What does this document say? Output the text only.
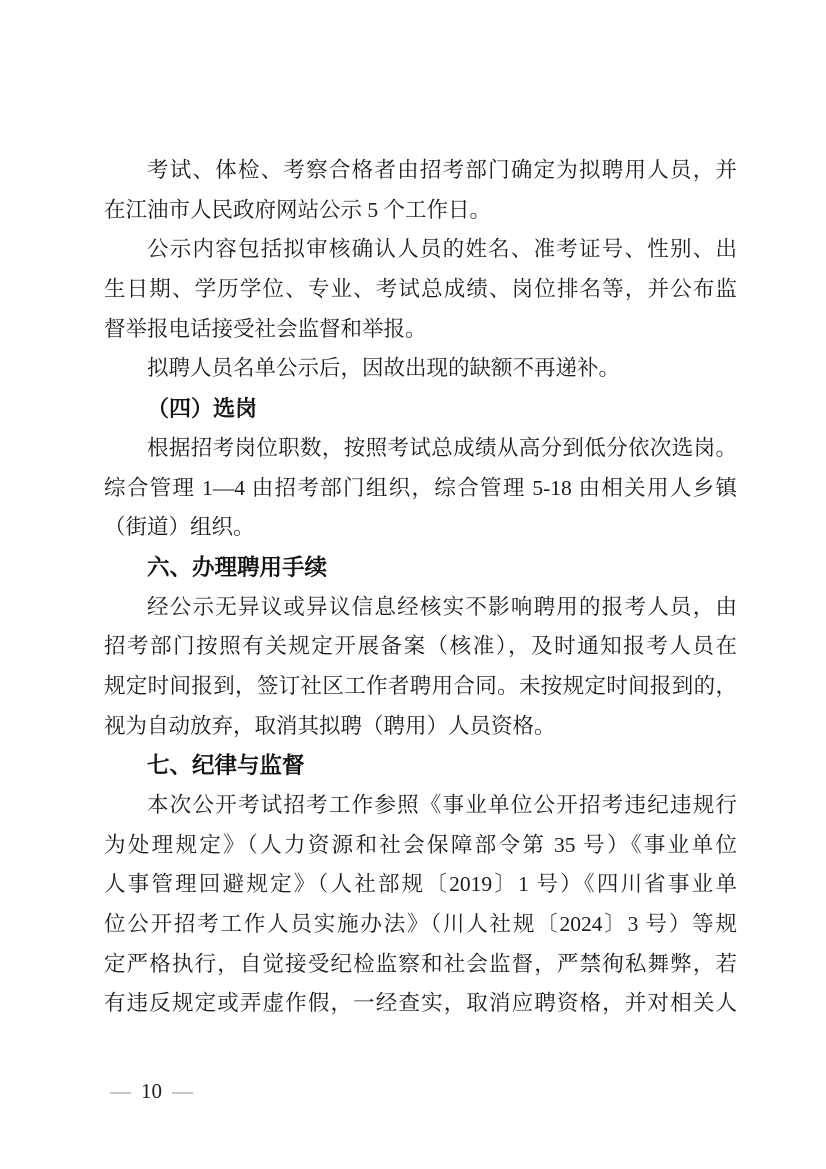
考试、体检、考察合格者由招考部门确定为拟聘用人员，并
在江油市人民政府网站公示 5 个工作日。
公示内容包括拟审核确认人员的姓名、准考证号、性别、出
生日期、学历学位、专业、考试总成绩、岗位排名等，并公布监
督举报电话接受社会监督和举报。
拟聘人员名单公示后，因故出现的缺额不再递补。
（四）选岗
根据招考岗位职数，按照考试总成绩从高分到低分依次选岗。
综合管理 1—4 由招考部门组织，综合管理 5-18 由相关用人乡镇
（街道）组织。
六、办理聘用手续
经公示无异议或异议信息经核实不影响聘用的报考人员，由
招考部门按照有关规定开展备案（核准），及时通知报考人员在
规定时间报到，签订社区工作者聘用合同。未按规定时间报到的，
视为自动放弃，取消其拟聘（聘用）人员资格。
七、纪律与监督
本次公开考试招考工作参照《事业单位公开招考违纪违规行
为处理规定》（人力资源和社会保障部令第 35 号）《事业单位
人事管理回避规定》（人社部规〔2019〕1 号）《四川省事业单
位公开招考工作人员实施办法》（川人社规〔2024〕3 号）等规
定严格执行，自觉接受纪检监察和社会监督，严禁徇私舞弊，若
有违反规定或弄虚作假，一经查实，取消应聘资格，并对相关人
— 10 —
